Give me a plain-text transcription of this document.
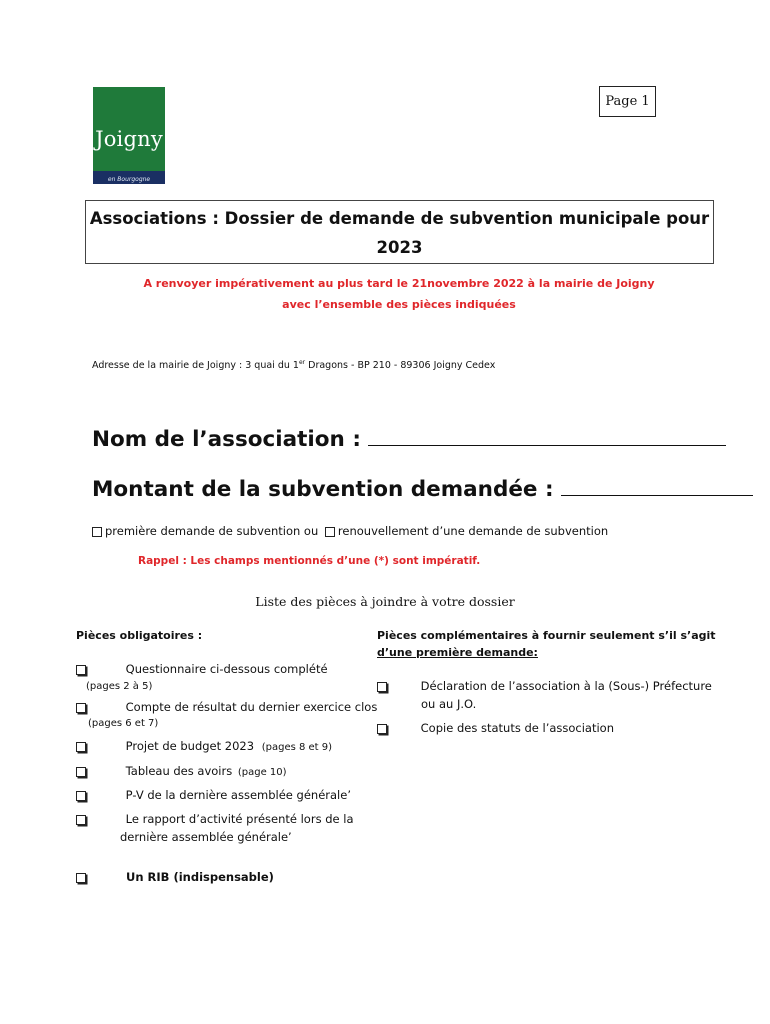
Joigny
en Bourgogne
Page 1
Associations : Dossier de demande de subvention municipale pour
2023
A renvoyer impérativement au plus tard le 21novembre 2022 à la mairie de Joigny
avec l’ensemble des pièces indiquées
Adresse de la mairie de Joigny : 3 quai du 1er Dragons - BP 210 - 89306 Joigny Cedex
Nom de l’association :
Montant de la subvention demandée :
première demande de subvention ou renouvellement d’une demande de subvention
Rappel : Les champs mentionnés d’une (*) sont impératif.
Liste des pièces à joindre à votre dossier
Pièces obligatoires :
Questionnaire ci-dessous complété
(pages 2 à 5)
Compte de résultat du dernier exercice clos
(pages 6 et 7)
Projet de budget 2023 (pages 8 et 9)
Tableau des avoirs (page 10)
P-V de la dernière assemblée générale’
Le rapport d’activité présenté lors de la
dernière assemblée générale’
Un RIB (indispensable)
Pièces complémentaires à fournir seulement s’il s’agit
d’une première demande:
Déclaration de l’association à la (Sous-) Préfecture
ou au J.O.
Copie des statuts de l’association
